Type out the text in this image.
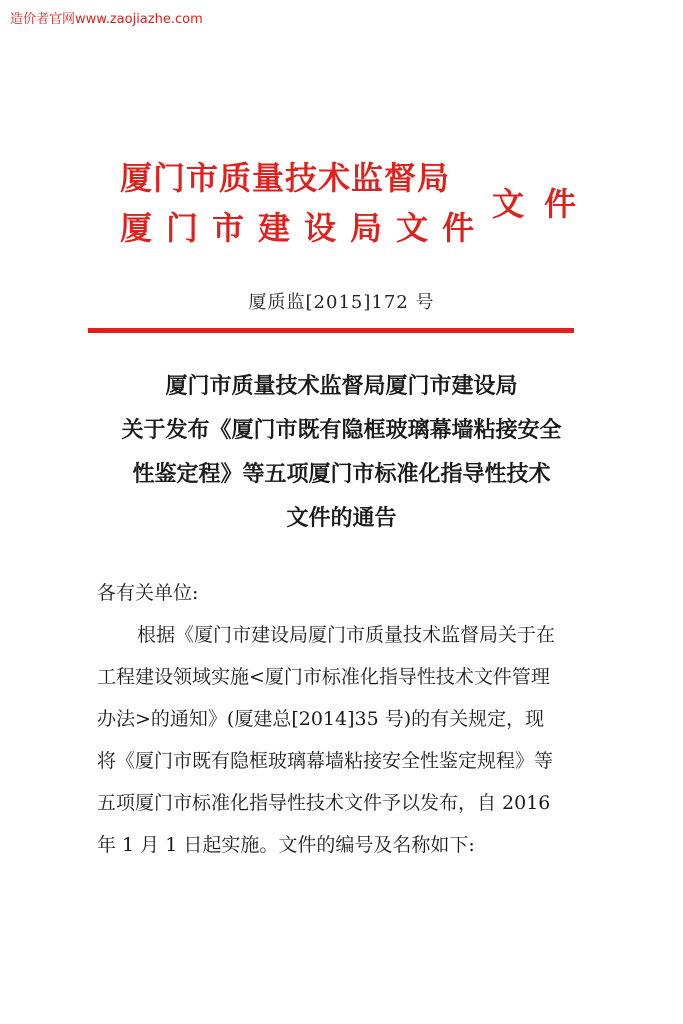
造价者官网www.zaojiazhe.com
厦门市质量技术监督局
厦门市建设局文件
文件
厦质监[2015]172 号
厦门市质量技术监督局厦门市建设局
关于发布《厦门市既有隐框玻璃幕墙粘接安全
性鉴定程》等五项厦门市标准化指导性技术
文件的通告
各有关单位:
根据《厦门市建设局厦门市质量技术监督局关于在
工程建设领域实施<厦门市标准化指导性技术文件管理
办法>的通知》(厦建总[2014]35 号)的有关规定，现
将《厦门市既有隐框玻璃幕墙粘接安全性鉴定规程》等
五项厦门市标准化指导性技术文件予以发布，自 2016
年 1 月 1 日起实施。文件的编号及名称如下:
